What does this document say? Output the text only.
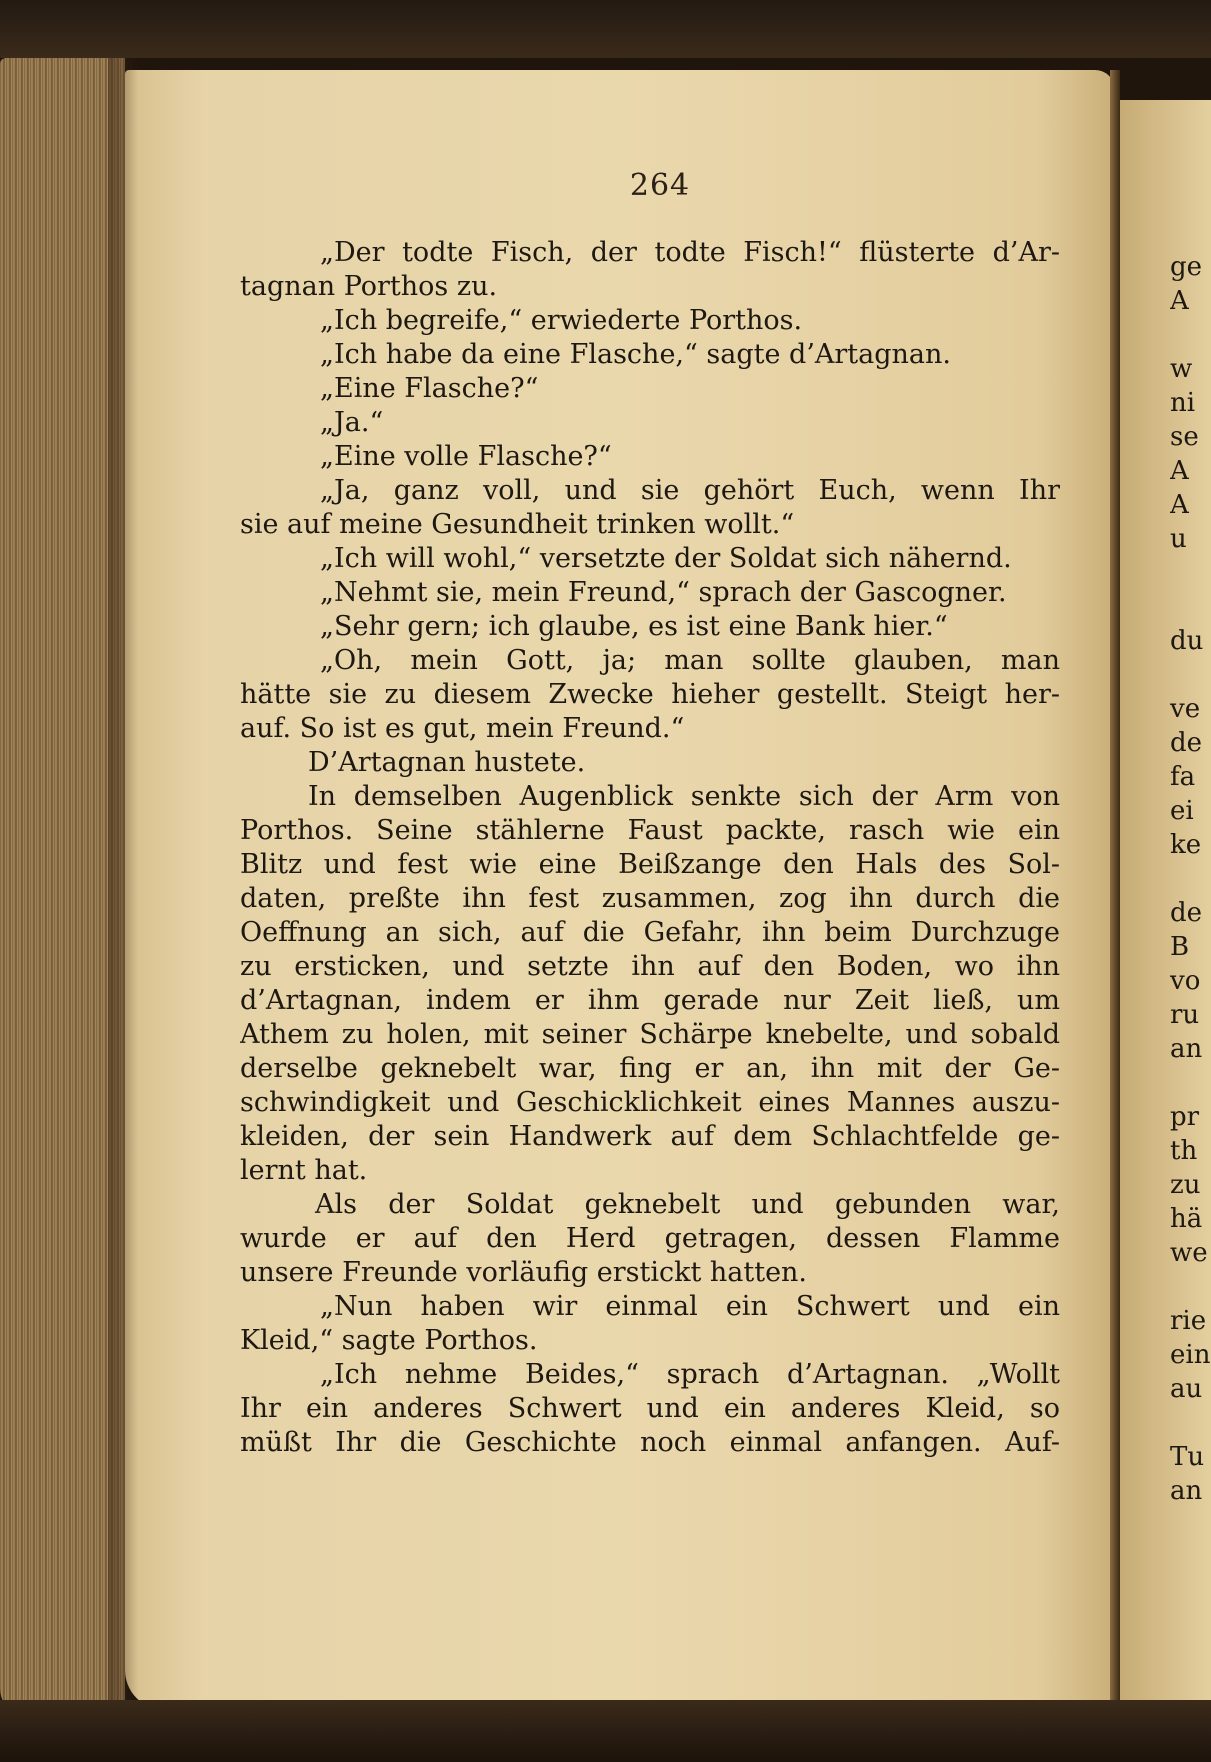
264
„Der todte Fisch, der todte Fisch!“ flüsterte d’Ar-
tagnan Porthos zu.
„Ich begreife,“ erwiederte Porthos.
„Ich habe da eine Flasche,“ sagte d’Artagnan.
„Eine Flasche?“
„Ja.“
„Eine volle Flasche?“
„Ja, ganz voll, und sie gehört Euch, wenn Ihr
sie auf meine Gesundheit trinken wollt.“
„Ich will wohl,“ versetzte der Soldat sich nähernd.
„Nehmt sie, mein Freund,“ sprach der Gascogner.
„Sehr gern; ich glaube, es ist eine Bank hier.“
„Oh, mein Gott, ja; man sollte glauben, man
hätte sie zu diesem Zwecke hieher gestellt. Steigt her-
auf. So ist es gut, mein Freund.“
D’Artagnan hustete.
In demselben Augenblick senkte sich der Arm von
Porthos. Seine stählerne Faust packte, rasch wie ein
Blitz und fest wie eine Beißzange den Hals des Sol-
daten, preßte ihn fest zusammen, zog ihn durch die
Oeffnung an sich, auf die Gefahr, ihn beim Durchzuge
zu ersticken, und setzte ihn auf den Boden, wo ihn
d’Artagnan, indem er ihm gerade nur Zeit ließ, um
Athem zu holen, mit seiner Schärpe knebelte, und sobald
derselbe geknebelt war, fing er an, ihn mit der Ge-
schwindigkeit und Geschicklichkeit eines Mannes auszu-
kleiden, der sein Handwerk auf dem Schlachtfelde ge-
lernt hat.
Als der Soldat geknebelt und gebunden war,
wurde er auf den Herd getragen, dessen Flamme
unsere Freunde vorläufig erstickt hatten.
„Nun haben wir einmal ein Schwert und ein
Kleid,“ sagte Porthos.
„Ich nehme Beides,“ sprach d’Artagnan. „Wollt
Ihr ein anderes Schwert und ein anderes Kleid, so
müßt Ihr die Geschichte noch einmal anfangen. Auf-
ge
A

w
ni
se
A
A
u

du

ve
de
fa
ei
ke

de
B
vo
ru
an

pr
th
zu
hä
we

rie
ein
au

Tu
an
